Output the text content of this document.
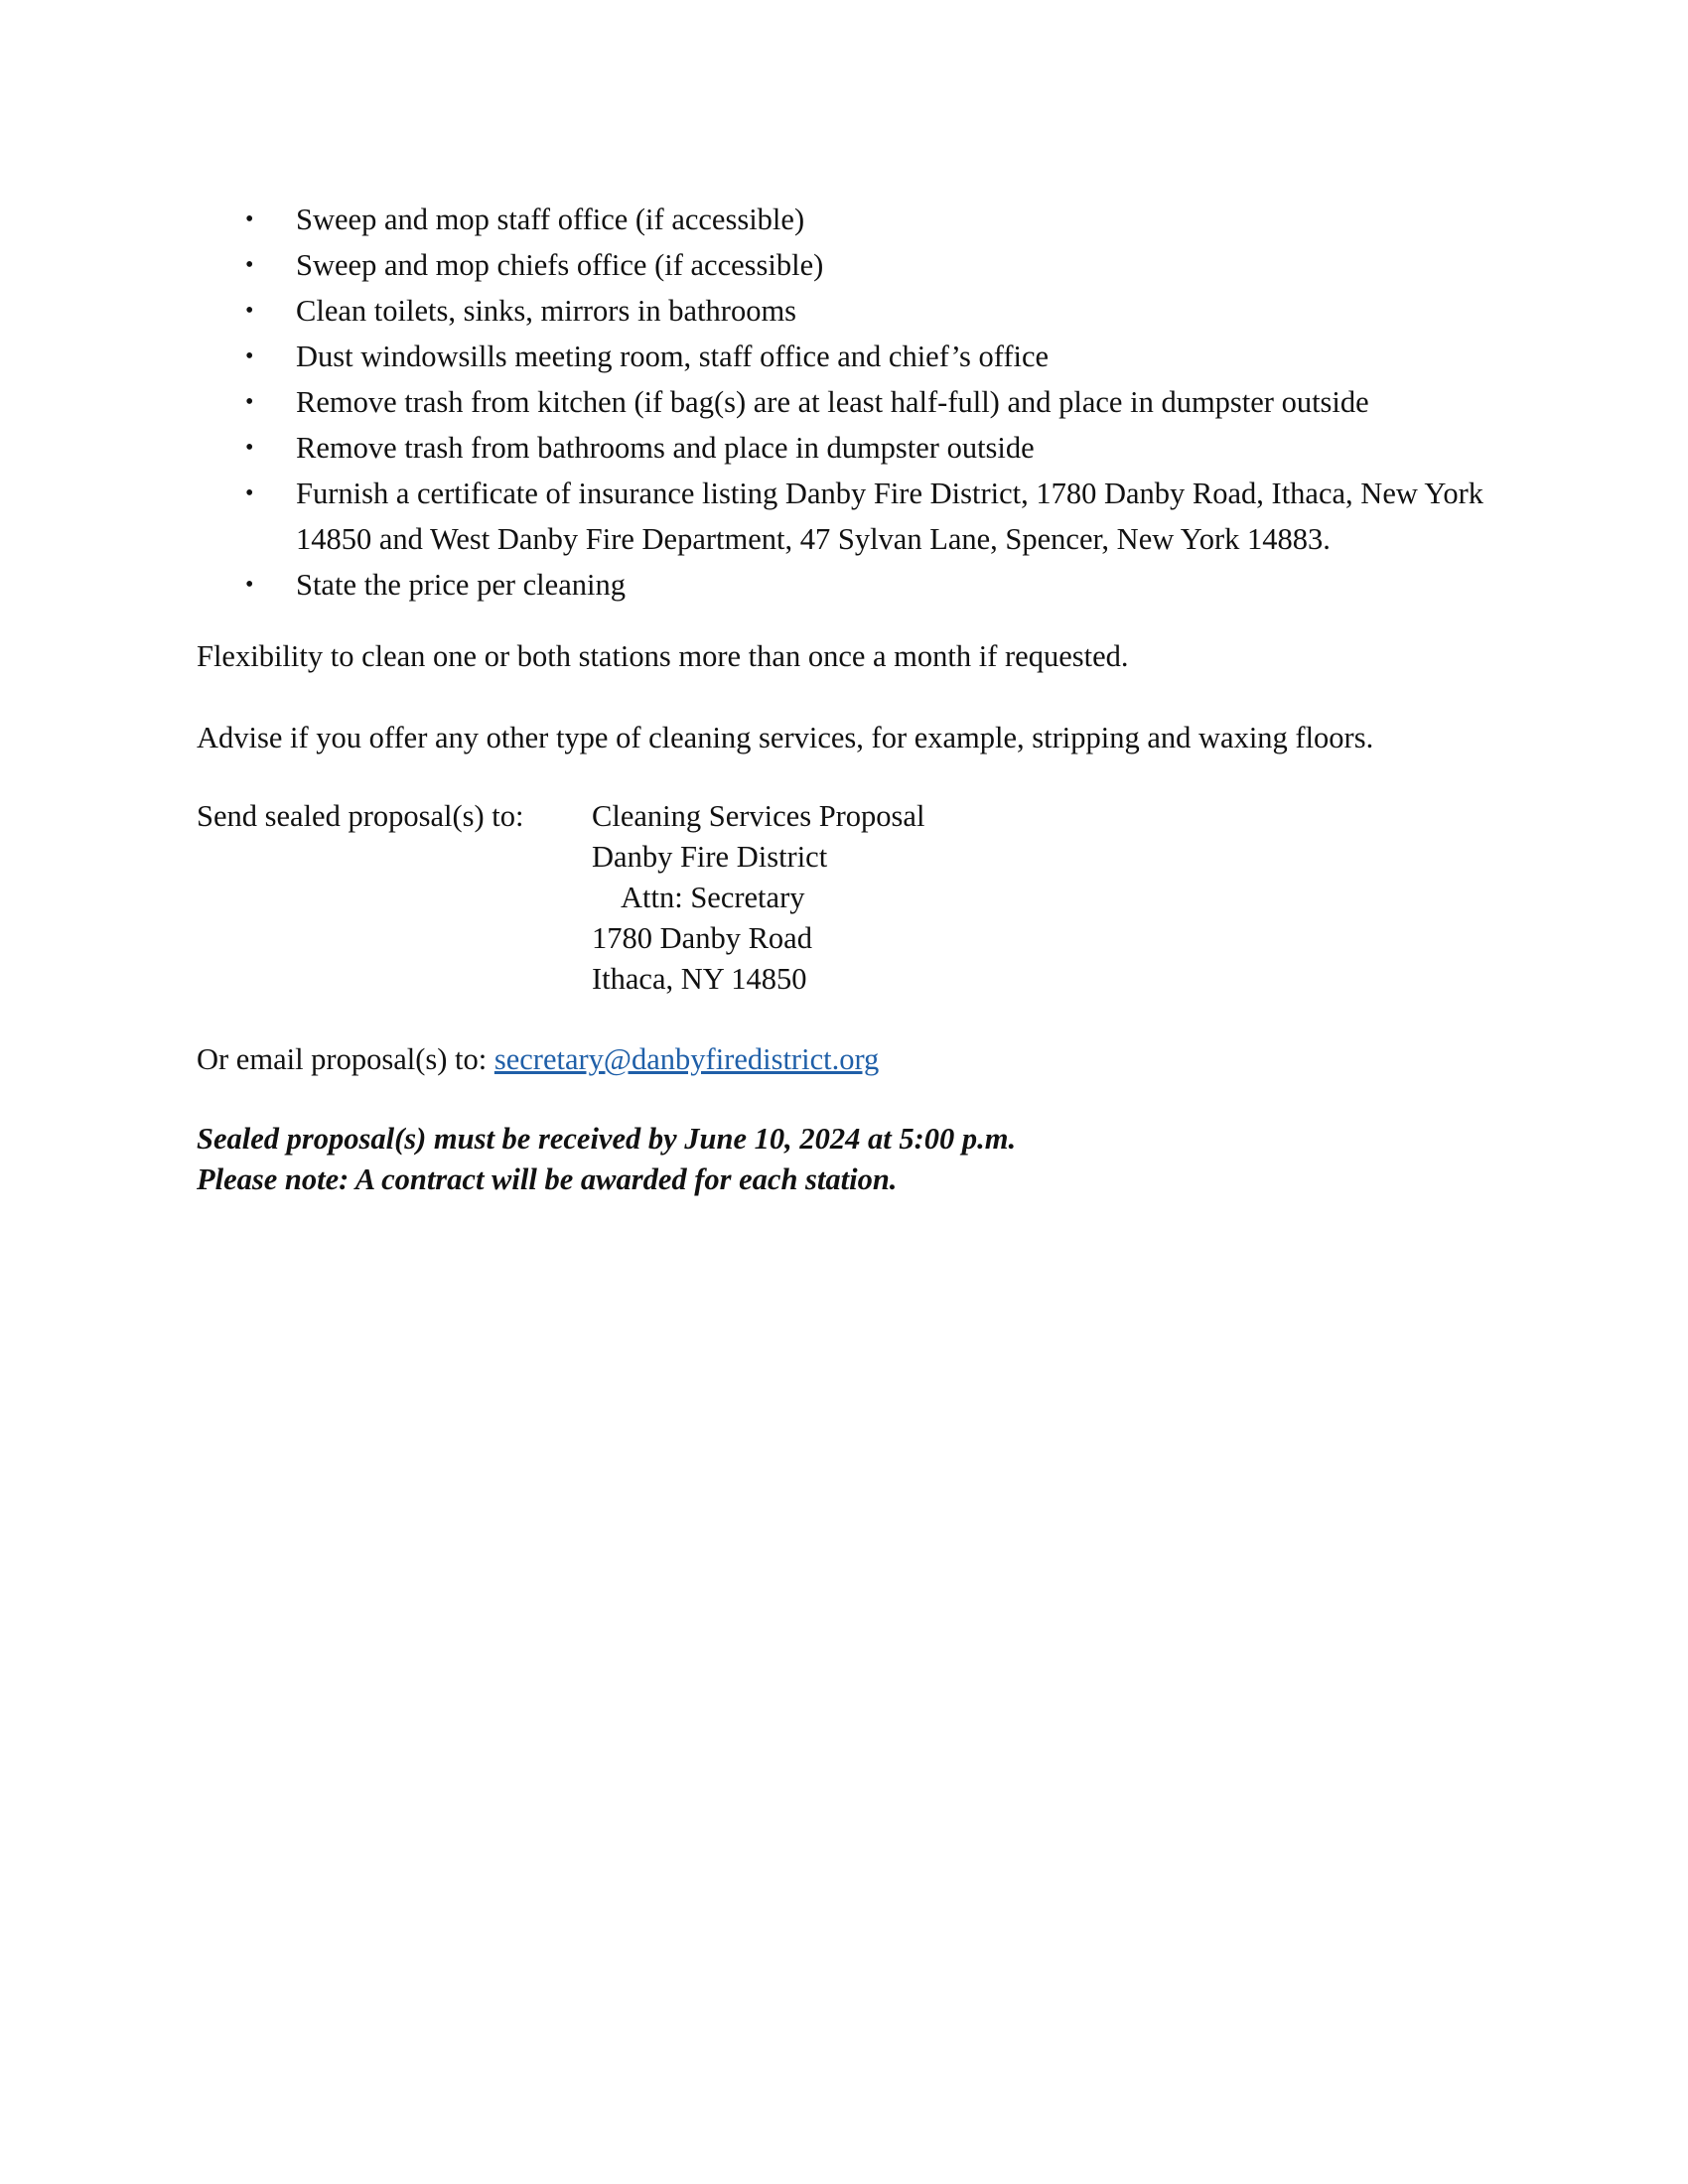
• Sweep and mop staff office (if accessible)
• Sweep and mop chiefs office (if accessible)
• Clean toilets, sinks, mirrors in bathrooms
• Dust windowsills meeting room, staff office and chief’s office
• Remove trash from kitchen (if bag(s) are at least half-full) and place in dumpster outside
• Remove trash from bathrooms and place in dumpster outside
• Furnish a certificate of insurance listing Danby Fire District, 1780 Danby Road, Ithaca, New York 14850 and West Danby Fire Department, 47 Sylvan Lane, Spencer, New York 14883.
• State the price per cleaning

Flexibility to clean one or both stations more than once a month if requested.

Advise if you offer any other type of cleaning services, for example, stripping and waxing floors.

Send sealed proposal(s) to:	Cleaning Services Proposal
Danby Fire District
Attn: Secretary
1780 Danby Road
Ithaca, NY 14850

Or email proposal(s) to: secretary@danbyfiredistrict.org

Sealed proposal(s) must be received by June 10, 2024 at 5:00 p.m.
Please note: A contract will be awarded for each station.
